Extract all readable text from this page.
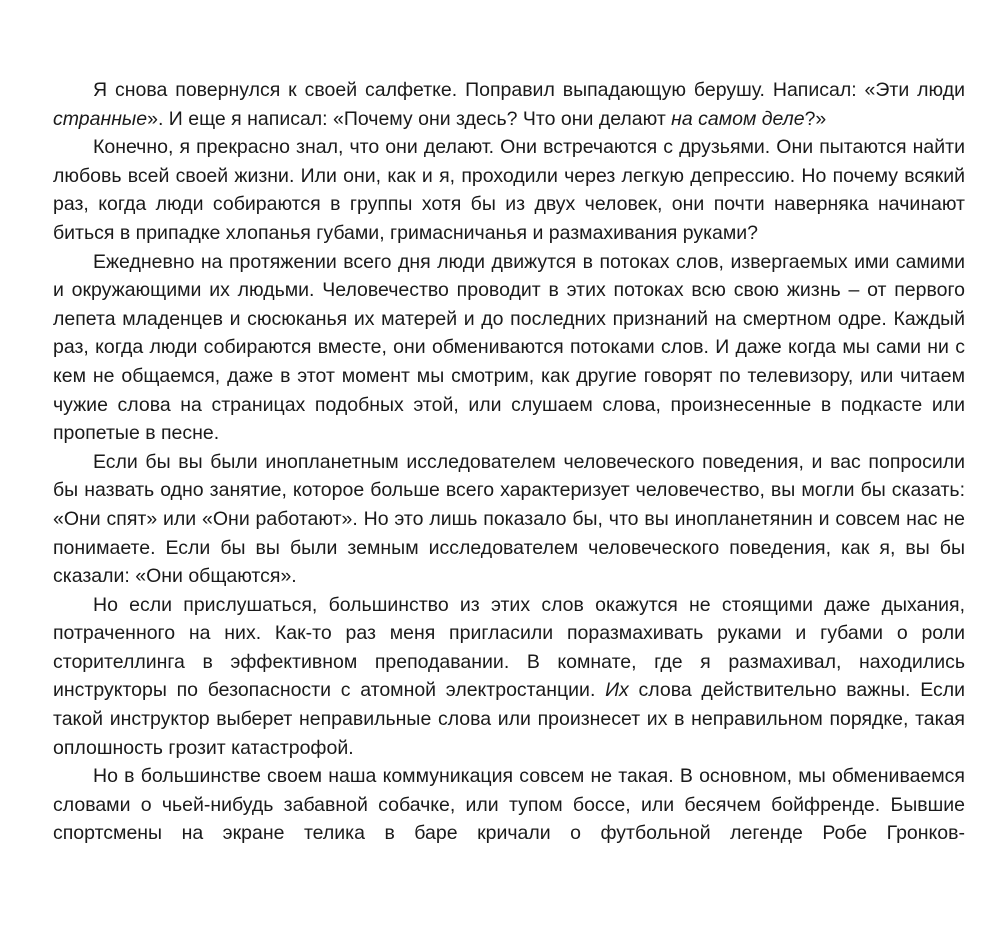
Я снова повернулся к своей салфетке. Поправил выпадающую берушу. Написал: «Эти люди странные». И еще я написал: «Почему они здесь? Что они делают на самом деле?»

Конечно, я прекрасно знал, что они делают. Они встречаются с друзьями. Они пытаются найти любовь всей своей жизни. Или они, как и я, проходили через легкую депрессию. Но почему всякий раз, когда люди собираются в группы хотя бы из двух человек, они почти наверняка начинают биться в припадке хлопанья губами, гримасничанья и размахивания руками?

Ежедневно на протяжении всего дня люди движутся в потоках слов, извергаемых ими самими и окружающими их людьми. Человечество проводит в этих потоках всю свою жизнь – от первого лепета младенцев и сюсюканья их матерей и до последних признаний на смертном одре. Каждый раз, когда люди собираются вместе, они обмениваются потоками слов. И даже когда мы сами ни с кем не общаемся, даже в этот момент мы смотрим, как другие говорят по телевизору, или читаем чужие слова на страницах подобных этой, или слушаем слова, произнесенные в подкасте или пропетые в песне.

Если бы вы были инопланетным исследователем человеческого поведения, и вас попросили бы назвать одно занятие, которое больше всего характеризует человечество, вы могли бы сказать: «Они спят» или «Они работают». Но это лишь показало бы, что вы инопланетянин и совсем нас не понимаете. Если бы вы были земным исследователем человеческого поведения, как я, вы бы сказали: «Они общаются».

Но если прислушаться, большинство из этих слов окажутся не стоящими даже дыхания, потраченного на них. Как-то раз меня пригласили поразмахивать руками и губами о роли сторителлинга в эффективном преподавании. В комнате, где я размахивал, находились инструкторы по безопасности с атомной электростанции. Их слова действительно важны. Если такой инструктор выберет неправильные слова или произнесет их в неправильном порядке, такая оплошность грозит катастрофой.

Но в большинстве своем наша коммуникация совсем не такая. В основном, мы обмениваемся словами о чьей-нибудь забавной собачке, или тупом боссе, или бесячем бойфренде. Бывшие спортсмены на экране телика в баре кричали о футбольной легенде Робе Гронков-
